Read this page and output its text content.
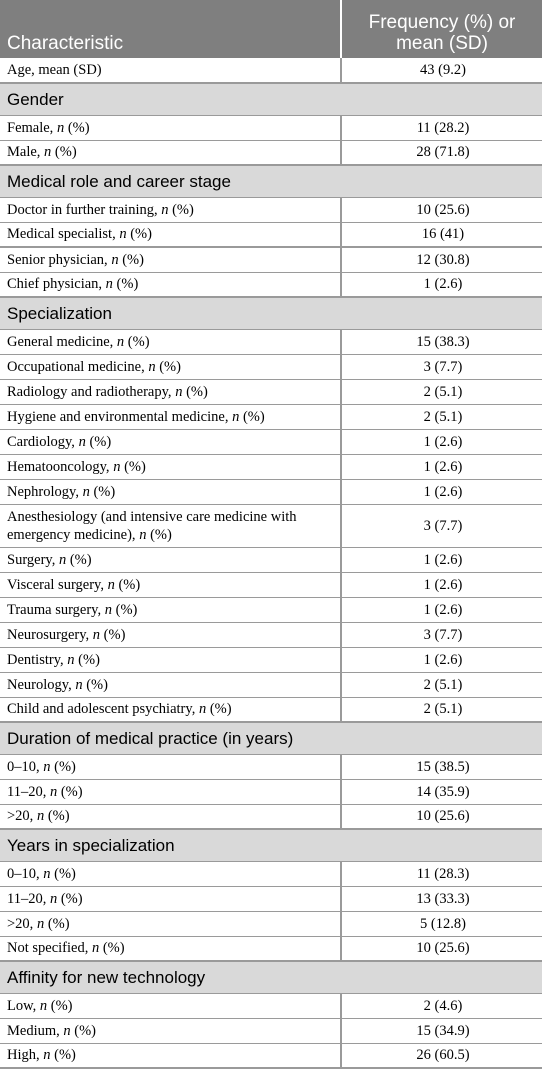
Characteristic	Frequency (%) or
mean (SD)
Age, mean (SD)	43 (9.2)
Gender	
Female, n (%)	11 (28.2)
Male, n (%)	28 (71.8)
Medical role and career stage	
Doctor in further training, n (%)	10 (25.6)
Medical specialist, n (%)	16 (41)
Senior physician, n (%)	12 (30.8)
Chief physician, n (%)	1 (2.6)
Specialization	
General medicine, n (%)	15 (38.3)
Occupational medicine, n (%)	3 (7.7)
Radiology and radiotherapy, n (%)	2 (5.1)
Hygiene and environmental medicine, n (%)	2 (5.1)
Cardiology, n (%)	1 (2.6)
Hematooncology, n (%)	1 (2.6)
Nephrology, n (%)	1 (2.6)
Anesthesiology (and intensive care medicine with emergency medicine), n (%)	3 (7.7)
Surgery, n (%)	1 (2.6)
Visceral surgery, n (%)	1 (2.6)
Trauma surgery, n (%)	1 (2.6)
Neurosurgery, n (%)	3 (7.7)
Dentistry, n (%)	1 (2.6)
Neurology, n (%)	2 (5.1)
Child and adolescent psychiatry, n (%)	2 (5.1)
Duration of medical practice (in years)	
0–10, n (%)	15 (38.5)
11–20, n (%)	14 (35.9)
>20, n (%)	10 (25.6)
Years in specialization	
0–10, n (%)	11 (28.3)
11–20, n (%)	13 (33.3)
>20, n (%)	5 (12.8)
Not specified, n (%)	10 (25.6)
Affinity for new technology	
Low, n (%)	2 (4.6)
Medium, n (%)	15 (34.9)
High, n (%)	26 (60.5)
